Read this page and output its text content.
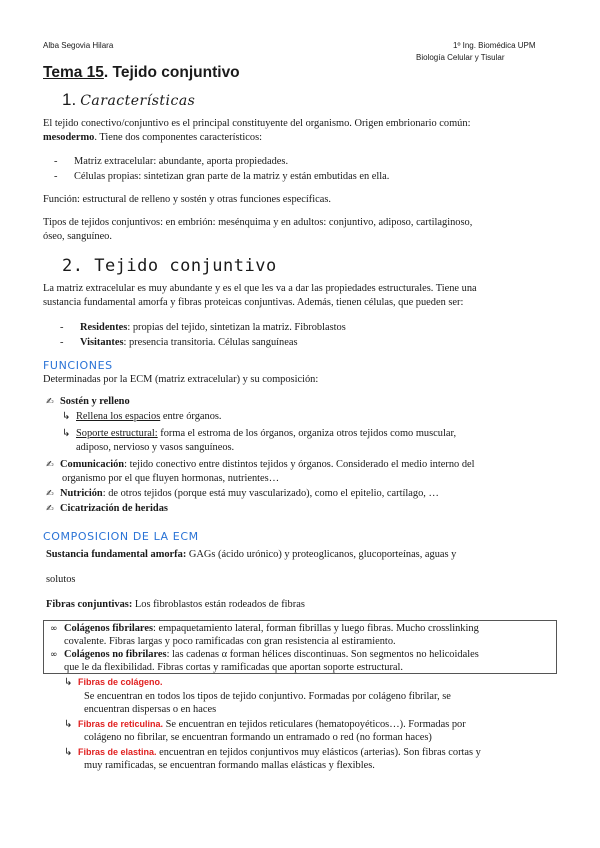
Alba Segovia Hilara	1º Ing. Biomédica UPM
Biología Celular y Tisular
Tema 15. Tejido conjuntivo
1. Características
El tejido conectivo/conjuntivo es el principal constituyente del organismo. Origen embrionario común:
mesodermo. Tiene dos componentes característicos:
- Matriz extracelular: abundante, aporta propiedades.
- Células propias: sintetizan gran parte de la matriz y están embutidas en ella.
Función: estructural de relleno y sostén y otras funciones específicas.
Tipos de tejidos conjuntivos: en embrión: mesénquima y en adultos: conjuntivo, adiposo, cartilaginoso,
óseo, sanguíneo.
2. Tejido conjuntivo
La matriz extracelular es muy abundante y es el que les va a dar las propiedades estructurales. Tiene una
sustancia fundamental amorfa y fibras proteicas conjuntivas. Además, tienen células, que pueden ser:
- Residentes: propias del tejido, sintetizan la matriz. Fibroblastos
- Visitantes: presencia transitoria. Células sanguíneas
FUNCIONES
Determinadas por la ECM (matriz extracelular) y su composición:
✍ Sostén y relleno
↳ Rellena los espacios entre órganos.
↳ Soporte estructural: forma el estroma de los órganos, organiza otros tejidos como muscular,
adiposo, nervioso y vasos sanguíneos.
✍ Comunicación: tejido conectivo entre distintos tejidos y órganos. Considerado el medio interno del
organismo por el que fluyen hormonas, nutrientes…
✍ Nutrición: de otros tejidos (porque está muy vascularizado), como el epitelio, cartílago, …
✍ Cicatrización de heridas
COMPOSICION DE LA ECM
Sustancia fundamental amorfa: GAGs (ácido urónico) y proteoglicanos, glucoporteínas, aguas y
solutos
Fibras conjuntivas: Los fibroblastos están rodeados de fibras
∞ Colágenos fibrilares: empaquetamiento lateral, forman fibrillas y luego fibras. Mucho crosslinking
covalente. Fibras largas y poco ramificadas con gran resistencia al estiramiento.
∞ Colágenos no fibrilares: las cadenas α forman hélices discontinuas. Son segmentos no helicoidales
que le da flexibilidad. Fibras cortas y ramificadas que aportan soporte estructural.
↳ Fibras de colágeno.
Se encuentran en todos los tipos de tejido conjuntivo. Formadas por colágeno fibrilar, se
encuentran dispersas o en haces
↳ Fibras de reticulina. Se encuentran en tejidos reticulares (hematopoyéticos…). Formadas por
colágeno no fibrilar, se encuentran formando un entramado o red (no forman haces)
↳ Fibras de elastina. encuentran en tejidos conjuntivos muy elásticos (arterias). Son fibras cortas y
muy ramificadas, se encuentran formando mallas elásticas y flexibles.
